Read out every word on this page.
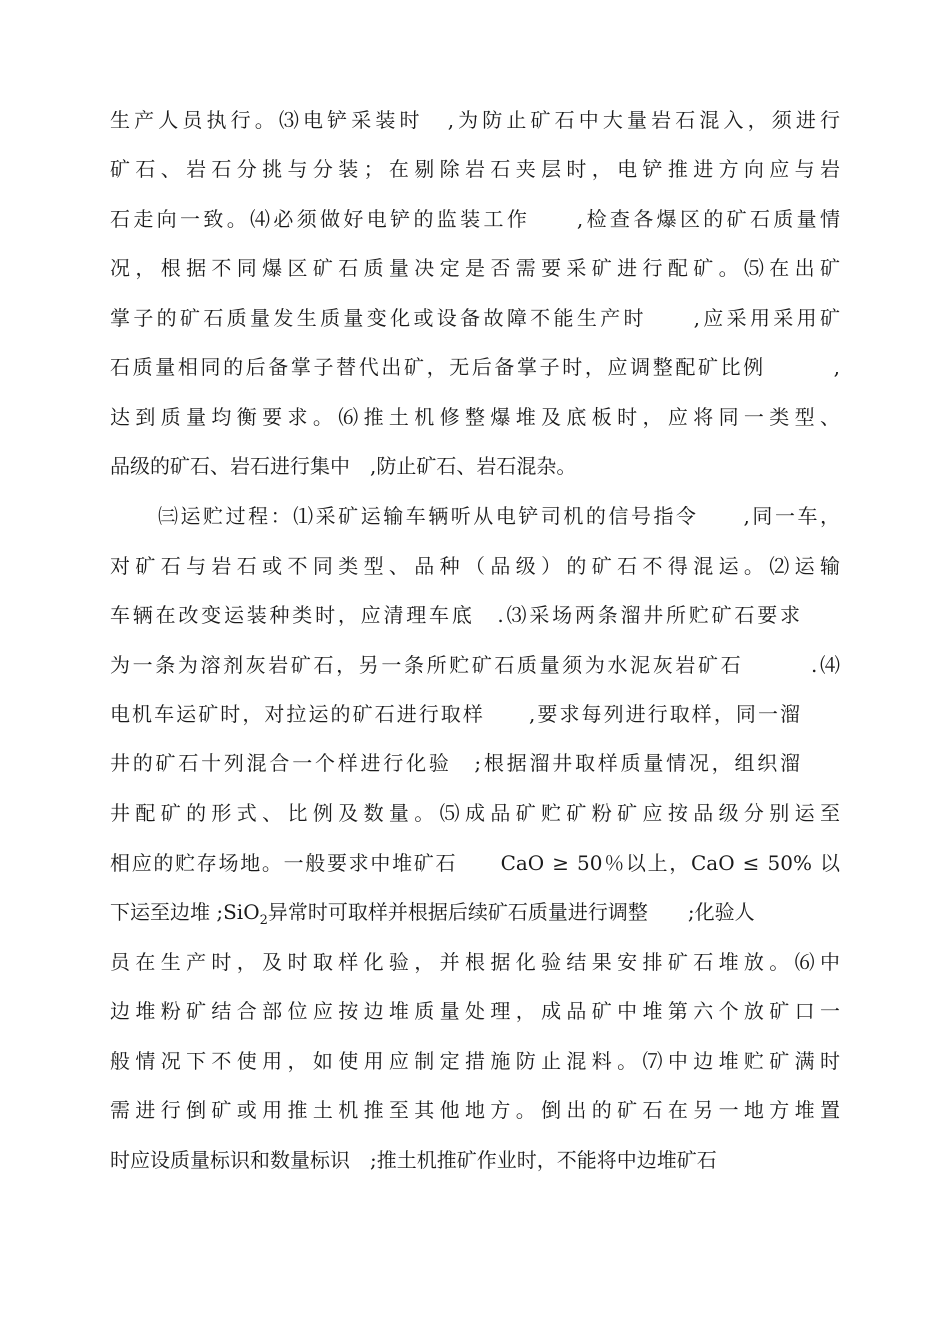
生产人员执行。⑶电铲采装时　,为防止矿石中大量岩石混入，须进行
矿石、岩石分挑与分装；在剔除岩石夹层时，电铲推进方向应与岩
石走向一致。⑷必须做好电铲的监装工作　　,检查各爆区的矿石质量情
况，根据不同爆区矿石质量决定是否需要采矿进行配矿。⑸在出矿
掌子的矿石质量发生质量变化或设备故障不能生产时　　,应采用采用矿
石质量相同的后备掌子替代出矿，无后备掌子时，应调整配矿比例　　　,
达到质量均衡要求。⑹推土机修整爆堆及底板时，应将同一类型、
品级的矿石、岩石进行集中　,防止矿石、岩石混杂。
㈢运贮过程：⑴采矿运输车辆听从电铲司机的信号指令　　,同一车，
对矿石与岩石或不同类型、品种（品级）的矿石不得混运。⑵运输
车辆在改变运装种类时，应清理车底　.⑶采场两条溜井所贮矿石要求
为一条为溶剂灰岩矿石，另一条所贮矿石质量须为水泥灰岩矿石　　　.⑷
电机车运矿时，对拉运的矿石进行取样　　,要求每列进行取样，同一溜
井的矿石十列混合一个样进行化验　;根据溜井取样质量情况，组织溜
井配矿的形式、比例及数量。⑸成品矿贮矿粉矿应按品级分别运至
相应的贮存场地。一般要求中堆矿石　　CaO ≥ 50％以上，CaO ≤ 50% 以
下运至边堆 ;SiO$_2$异常时可取样并根据后续矿石质量进行调整　　;化验人
员在生产时，及时取样化验，并根据化验结果安排矿石堆放。⑹中
边堆粉矿结合部位应按边堆质量处理，成品矿中堆第六个放矿口一
般情况下不使用，如使用应制定措施防止混料。⑺中边堆贮矿满时
需进行倒矿或用推土机推至其他地方。倒出的矿石在另一地方堆置
时应设质量标识和数量标识　;推土机推矿作业时，不能将中边堆矿石
